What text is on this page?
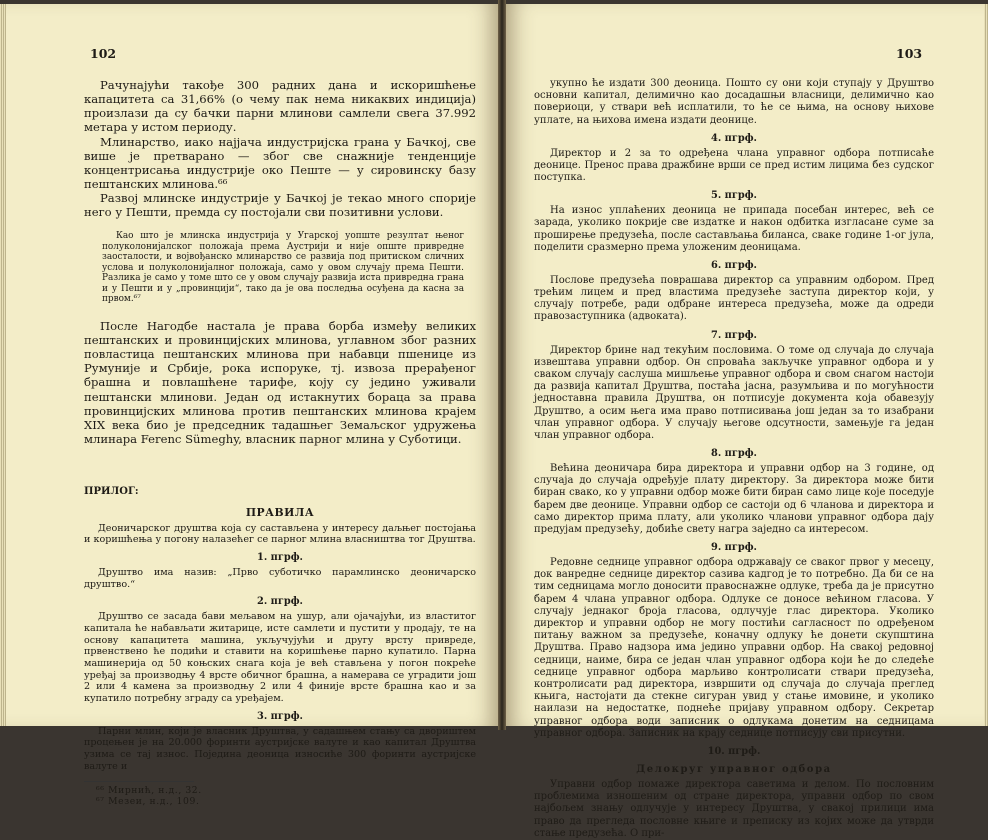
102

Рачунајући такође 300 радних дана и искоришћење капацитета са 31,66% (о чему пак нема никаквих индиција) произлази да су бачки парни млинови самлели свега 37.992 метара у истом периоду.

Млинарство, иако најјача индустријска грана у Бачкој, све више је претварано — због све снажније тенденције концентрисања индустрије око Пеште — у сировинску базу пештанских млинова.⁶⁶

Развој млинске индустрије у Бачкој је текао много спорије него у Пешти, премда су постојали сви позитивни услови.

Као што је млинска индустрија у Угарској уопште резултат њеног полуколонијалског положаја према Аустрији и није општe привредне заосталости, и војвођанско млинарство се развија под притиском сличних услова и полуколонијалног положаја, само у овом случају према Пешти. Разлика је само у томе што се у овом случају развија иста привредна грана и у Пешти и у „провинцији“, тако да је ова последња осуђена да касна за првом.⁶⁷

После Нагодбе настала је права борба између великих пештанских и провинцијских млинова, углавном због разних повластица пештанских млинова при набавци пшенице из Румуније и Србије, рока испоруке, тј. извоза прерађеног брашна и повлашћене тарифе, коју су једино уживали пештански млинови. Један од истакнутих бораца за права провинцијских млинова против пештанских млинова крајем XIX века био је председник тадашњег Земаљског удружења млинара Ferenc Sümeghy, власник парног млина у Суботици.

ПРИЛОГ:

ПРАВИЛА

Деоничарског друштва која су састављена у интересу даљњег постојања и коришћења у погону налазећег се парног млина власништва тог Друштва.

1. пгрф.

Друштво има назив: „Прво суботичко парамлинско деоничарско друштво.“

2. пгрф.

Друштво се засада бави мељавом на ушур, али ојачајући, из властитог капитала ће набављати житарице, исте самлети и пустити у продају, те на основу капацитета машина, укључујући и другу врсту привреде, првенствено ће подићи и ставити на коришћење парно купатило. Парна машинерија од 50 коњских снага која је већ стављена у погон покреће уређај за производњу 4 врсте обичног брашна, а намерава се уградити још 2 или 4 камена за производњу 2 или 4 финије врсте брашна као и за купатило потребну зграду са уређајем.

3. пгрф.

Парни млин, који је власник Друштва, у садашњем стању са двориштем процењен је на 20.000 форинти аустријске валуте и као капитал Друштва узима се тај износ. Поједина деоница износиће 300 форинти аустријске валуте и

⁶⁶ Мирнић, н.д., 32.

⁶⁷ Мезеи, н.д., 109.

103

укупно ће издати 300 деоница. Пошто су они који ступају у Друштво основни капитал, делимично као досадашњи власници, делимично као повериоци, у ствари већ исплатили, то ће се њима, на основу њихове уплате, на њихова имена издати деонице.

4. пгрф.

Директор и 2 за то одређена члана управног одбора потписаће деонице. Пренос права дражбине врши се пред истим лицима без судског поступка.

5. пгрф.

На износ уплаћених деоница не припада посебан интерес, већ се зарада, уколико покрије све издатке и након одбитка изгласане суме за проширење предузећа, после састављања биланса, сваке године 1-ог јула, поделити сразмерно према уложеним деоницама.

6. пгрф.

Послове предузећа поврашава директор са управним одбором. Пред трећим лицем и пред властима предузеће заступа директор који, у случају потребе, ради одбране интереса предузећа, може да одреди правозаступника (адвоката).

7. пгрф.

Директор брине над текућим пословима. О томе од случаја до случаја извештава управни одбор. Он спроваћа закључке управног одбора и у сваком случају саслуша мишљење управног одбора и свом снагом настоји да развија капитал Друштва, постаћа јасна, разумљива и по могућности једноставна правила Друштва, он потписује документа која обавезују Друштво, а осим њега има право потписивања још један за то изабрани члан управног одбора. У случају његове одсутности, замењује га један члан управног одбора.

8. пгрф.

Већина деоничара бира директора и управни одбор на 3 године, од случаја до случаја одређује плату директору. За директора може бити биран свако, ко у управни одбор може бити биран само лице које поседује барем две деонице. Управни одбор се састоји од 6 чланова и директора и само директор прима плату, али уколико чланови управног одбора дају предујам предузећу, добиће свету награ заједно са интересом.

9. пгрф.

Редовне седнице управног одбора одржавају се сваког првог у месецу, док ванредне седнице директор сазива кадгод је то потребно. Да би се на тим седницама могло доносити правоснажне одлуке, треба да је присутно барем 4 члана управног одбора. Одлуке се доносе већином гласова. У случају једнаког броја гласова, одлучује глас директора. Уколико директор и управни одбор не могу постићи сагласност по одређеном питању важном за предузеће, коначну одлуку ће донети скупштина Друштва. Право надзора има једино управни одбор. На свакој редовној седници, наиме, бира се један члан управног одбора који ће до следеће седнице управног одбора марљиво контролисати ствари предузећа, контролисати рад директора, извршити од случаја до случаја преглед књига, настојати да стекне сигуран увид у стање имовине, и уколико наилази на недостатке, поднеће пријаву управном одбору. Секретар управног одбора води записник о одлукама донетим на седницама управног одбора. Записник на крају седнице потписују сви присутни.

10. пгрф.
Делокруг управног одбора

Управни одбор помаже директора саветима и делом. По пословним проблемима изношеним од стране директора, управни одбор по свом најбољем знању одлучује у интересу Друштва, у свакој прилици има право да прегледа пословне књиге и преписку из којих може да утврди стање предузећа. О при-
